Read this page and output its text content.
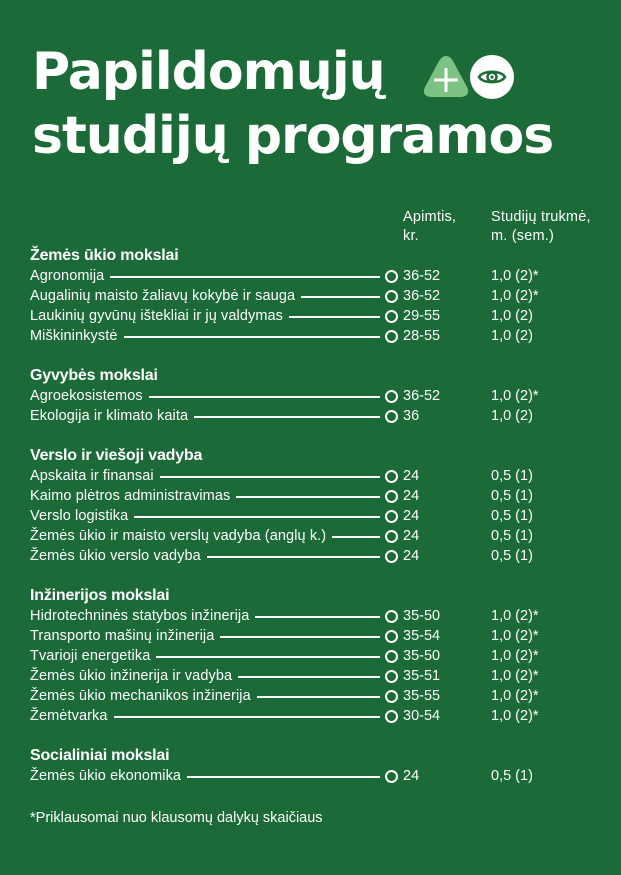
Papildomųjų
studijų programos
Apimtis,
kr.
Studijų trukmė,
m. (sem.)
Žemės ūkio mokslai
Agronomija	36-52	1,0 (2)*
Augalinių maisto žaliavų kokybė ir sauga	36-52	1,0 (2)*
Laukinių gyvūnų ištekliai ir jų valdymas	29-55	1,0 (2)
Miškininkystė	28-55	1,0 (2)
Gyvybės mokslai
Agroekosistemos	36-52	1,0 (2)*
Ekologija ir klimato kaita	36	1,0 (2)
Verslo ir viešoji vadyba
Apskaita ir finansai	24	0,5 (1)
Kaimo plėtros administravimas	24	0,5 (1)
Verslo logistika	24	0,5 (1)
Žemės ūkio ir maisto verslų vadyba (anglų k.)	24	0,5 (1)
Žemės ūkio verslo vadyba	24	0,5 (1)
Inžinerijos mokslai
Hidrotechninės statybos inžinerija	35-50	1,0 (2)*
Transporto mašinų inžinerija	35-54	1,0 (2)*
Tvarioji energetika	35-50	1,0 (2)*
Žemės ūkio inžinerija ir vadyba	35-51	1,0 (2)*
Žemės ūkio mechanikos inžinerija	35-55	1,0 (2)*
Žemėtvarka	30-54	1,0 (2)*
Socialiniai mokslai
Žemės ūkio ekonomika	24	0,5 (1)
*Priklausomai nuo klausomų dalykų skaičiaus
